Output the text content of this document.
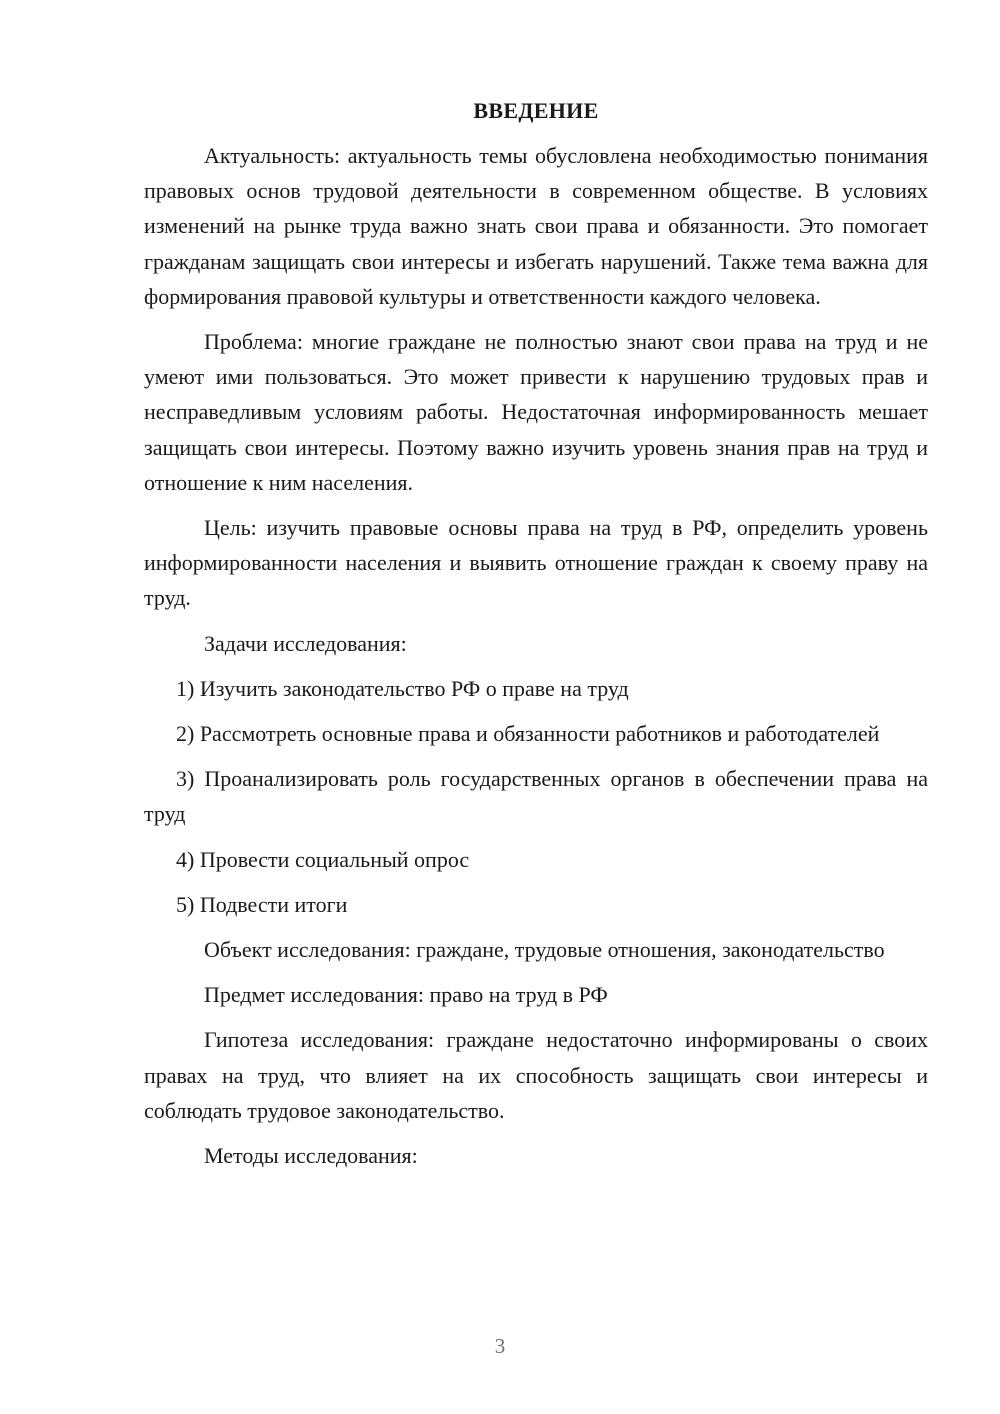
ВВЕДЕНИЕ

Актуальность: актуальность темы обусловлена необходимостью понимания правовых основ трудовой деятельности в современном обществе. В условиях изменений на рынке труда важно знать свои права и обязанности. Это помогает гражданам защищать свои интересы и избегать нарушений. Также тема важна для формирования правовой культуры и ответственности каждого человека.

Проблема: многие граждане не полностью знают свои права на труд и не умеют ими пользоваться. Это может привести к нарушению трудовых прав и несправедливым условиям работы. Недостаточная информированность мешает защищать свои интересы. Поэтому важно изучить уровень знания прав на труд и отношение к ним населения.

Цель: изучить правовые основы права на труд в РФ, определить уровень информированности населения и выявить отношение граждан к своему праву на труд.

Задачи исследования:

1) Изучить законодательство РФ о праве на труд

2) Рассмотреть основные права и обязанности работников и работодателей

3) Проанализировать роль государственных органов в обеспечении права на труд

4) Провести социальный опрос

5) Подвести итоги

Объект исследования: граждане, трудовые отношения, законодательство

Предмет исследования: право на труд в РФ

Гипотеза исследования: граждане недостаточно информированы о своих правах на труд, что влияет на их способность защищать свои интересы и соблюдать трудовое законодательство.

Методы исследования:

3
